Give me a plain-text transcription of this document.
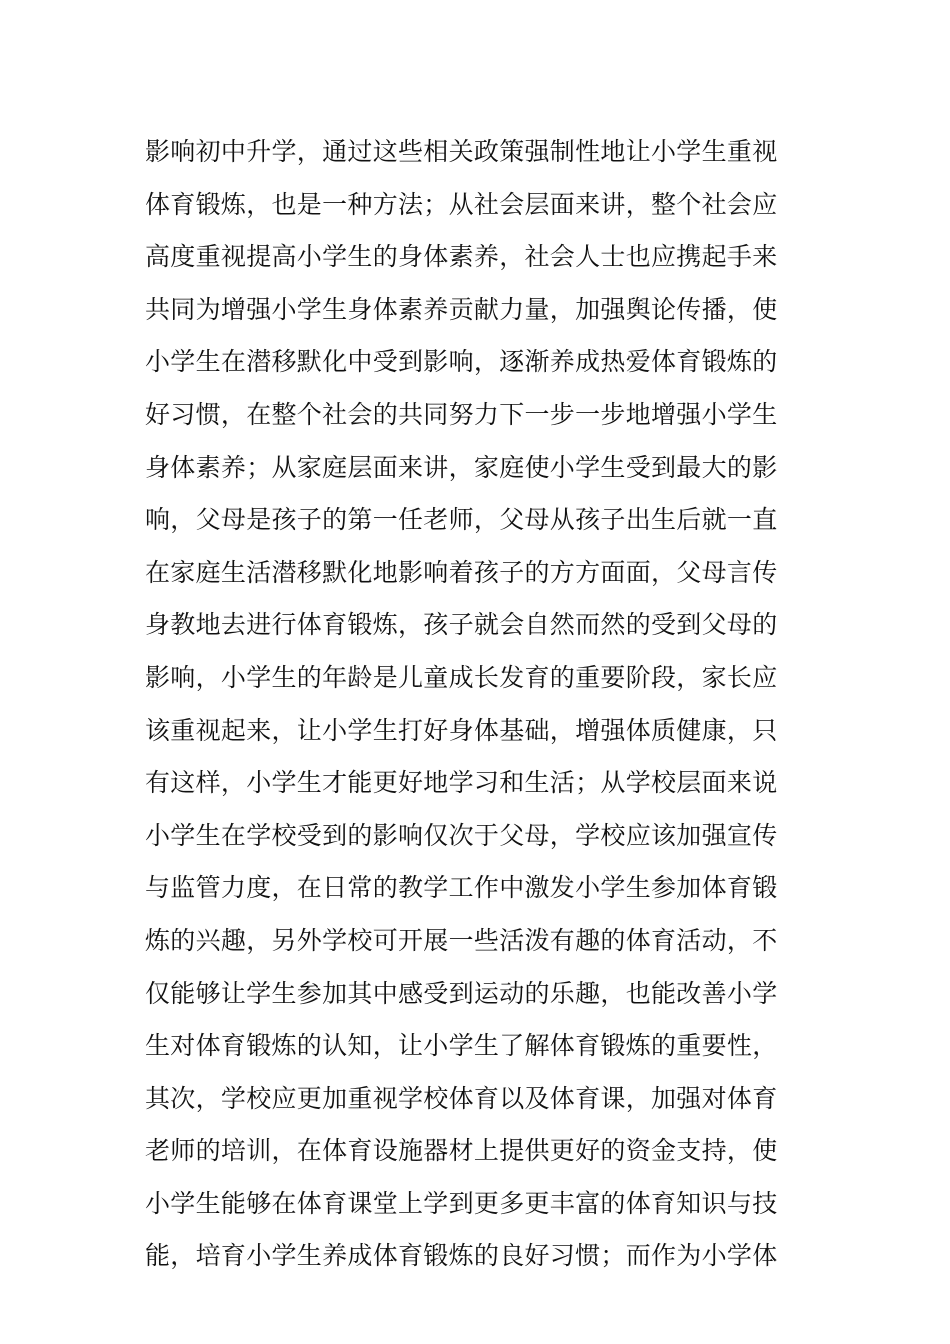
影响初中升学，通过这些相关政策强制性地让小学生重视
体育锻炼，也是一种方法；从社会层面来讲，整个社会应
高度重视提高小学生的身体素养，社会人士也应携起手来
共同为增强小学生身体素养贡献力量，加强舆论传播，使
小学生在潜移默化中受到影响，逐渐养成热爱体育锻炼的
好习惯，在整个社会的共同努力下一步一步地增强小学生
身体素养；从家庭层面来讲，家庭使小学生受到最大的影
响，父母是孩子的第一任老师，父母从孩子出生后就一直
在家庭生活潜移默化地影响着孩子的方方面面，父母言传
身教地去进行体育锻炼，孩子就会自然而然的受到父母的
影响，小学生的年龄是儿童成长发育的重要阶段，家长应
该重视起来，让小学生打好身体基础，增强体质健康，只
有这样，小学生才能更好地学习和生活；从学校层面来说
小学生在学校受到的影响仅次于父母，学校应该加强宣传
与监管力度，在日常的教学工作中激发小学生参加体育锻
炼的兴趣，另外学校可开展一些活泼有趣的体育活动，不
仅能够让学生参加其中感受到运动的乐趣，也能改善小学
生对体育锻炼的认知，让小学生了解体育锻炼的重要性，
其次，学校应更加重视学校体育以及体育课，加强对体育
老师的培训，在体育设施器材上提供更好的资金支持，使
小学生能够在体育课堂上学到更多更丰富的体育知识与技
能，培育小学生养成体育锻炼的良好习惯；而作为小学体
